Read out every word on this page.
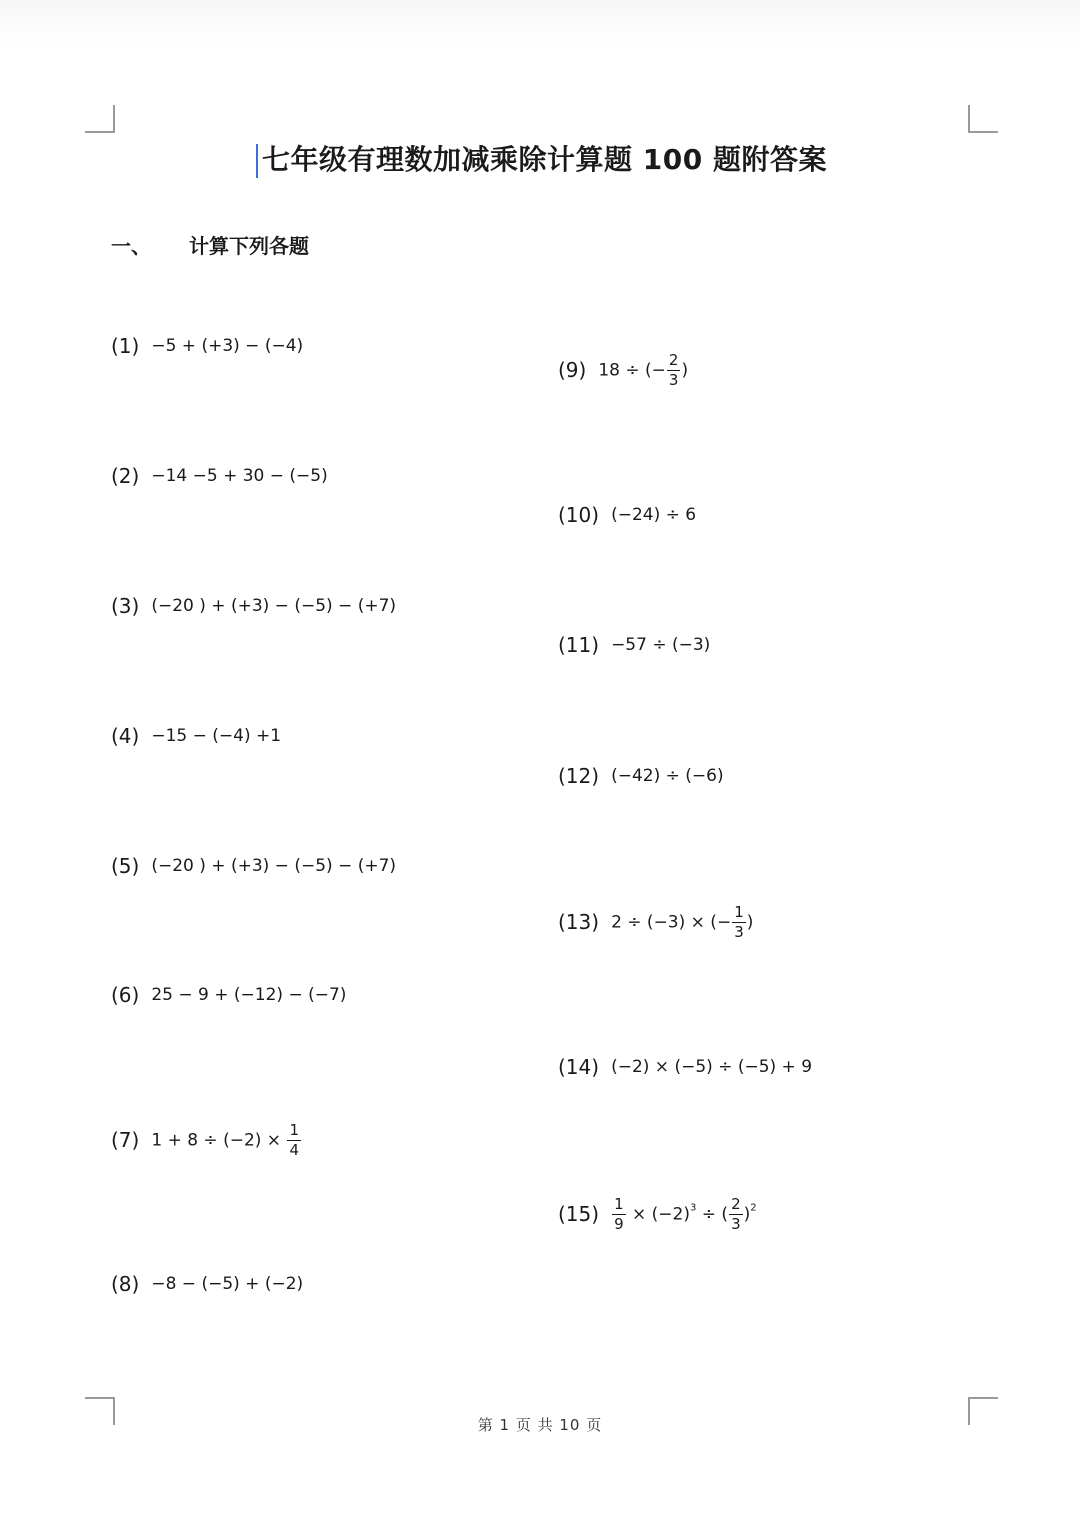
七年级有理数加减乘除计算题 100 题附答案
一、 计算下列各题
(1) −5 + (+3) − (−4)
(2) −14 −5 + 30 − (−5)
(3) (−20 ) + (+3) − (−5) − (+7)
(4) −15 − (−4) +1
(5) (−20 ) + (+3) − (−5) − (+7)
(6) 25 − 9 + (−12) − (−7)
(7) $1 + 8 \div (-2) \times \frac{1}{4}$
(8) −8 − (−5) + (−2)
(9) 18 ÷ (− $\frac{2}{3}$ )
(10) (−24) ÷ 6
(11) −57 ÷ (−3)
(12) (−42) ÷ (−6)
(13) 2 ÷ (−3) × (− $\frac{1}{3}$ )
(14) (−2) × (−5) ÷ (−5) + 9
$(15) \frac{1}{9} \times (-2)^3$ ÷ ( $\frac{2}{3} )^2$
第 1 页 共 10 页
